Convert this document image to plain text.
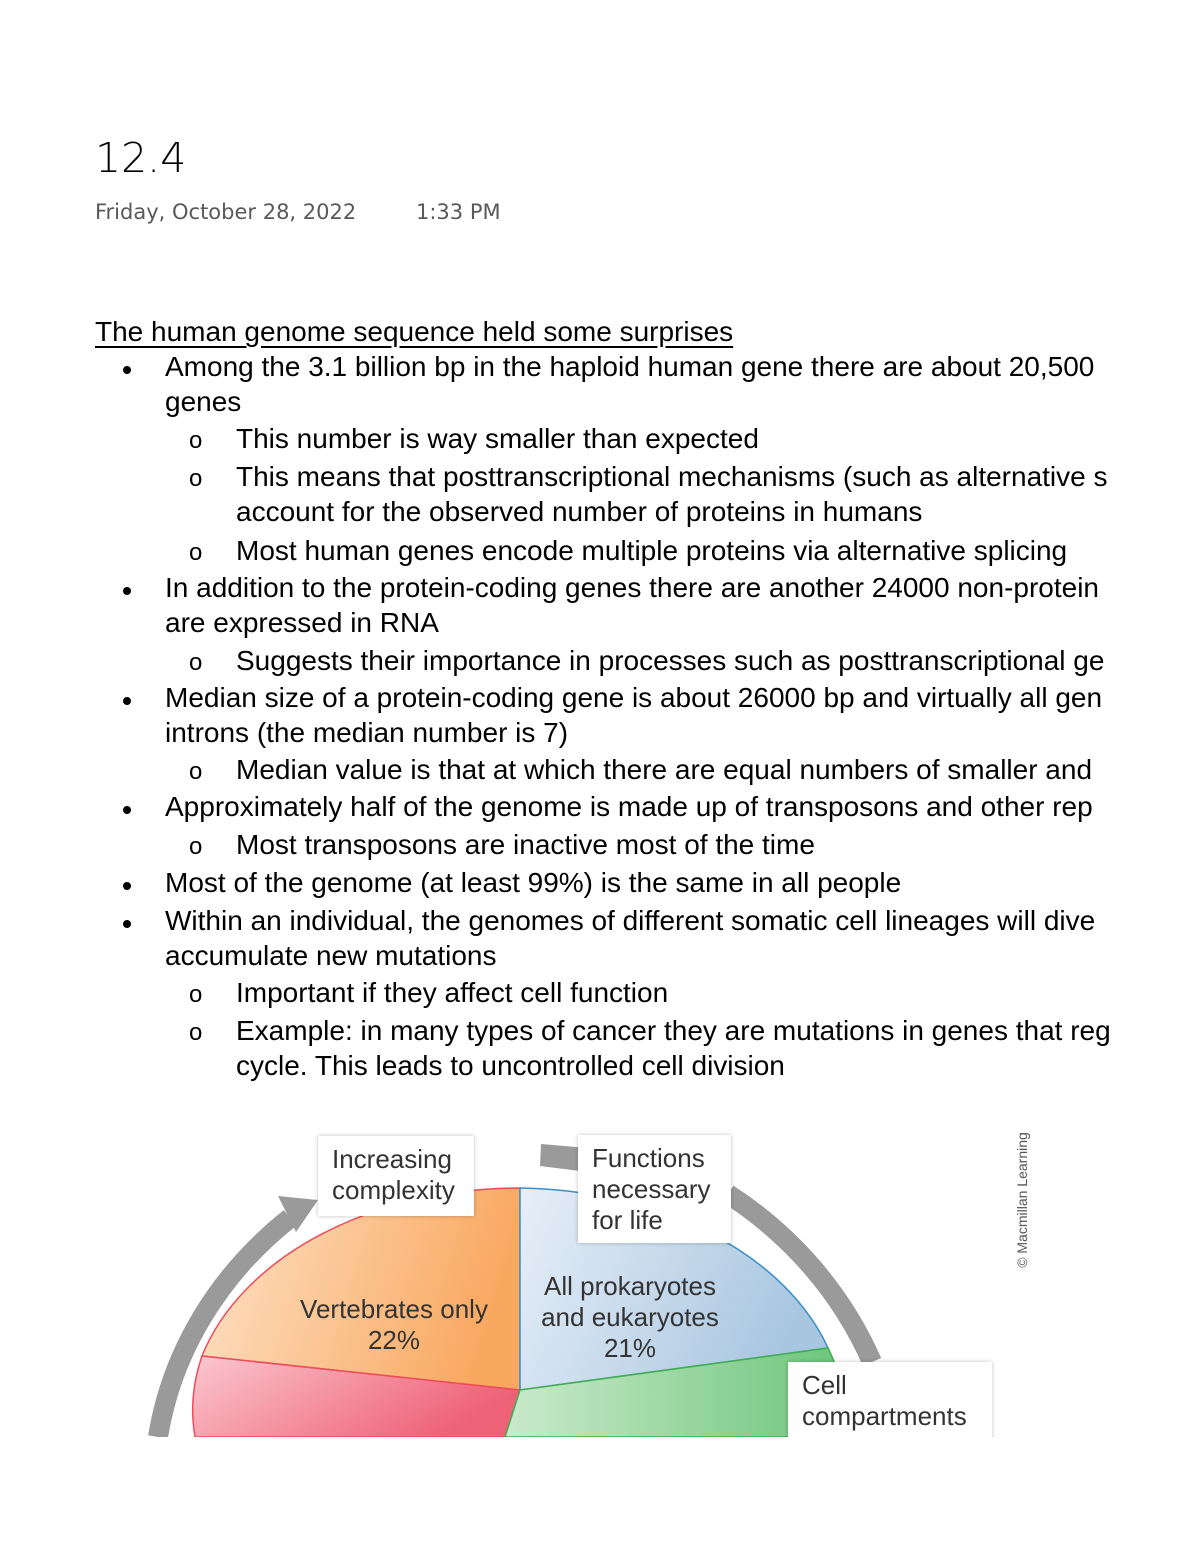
12.4
Friday, October 28, 2022	1:33 PM
The human genome sequence held some surprises
Among the 3.1 billion bp in the haploid human gene there are about 20,500
genes
o This number is way smaller than expected
o This means that posttranscriptional mechanisms (such as alternative s
account for the observed number of proteins in humans
o Most human genes encode multiple proteins via alternative splicing
In addition to the protein-coding genes there are another 24000 non-protein
are expressed in RNA
o Suggests their importance in processes such as posttranscriptional ge
Median size of a protein-coding gene is about 26000 bp and virtually all gen
introns (the median number is 7)
o Median value is that at which there are equal numbers of smaller and
Approximately half of the genome is made up of transposons and other rep
o Most transposons are inactive most of the time
Most of the genome (at least 99%) is the same in all people
Within an individual, the genomes of different somatic cell lineages will dive
accumulate new mutations
o Important if they affect cell function
o Example: in many types of cancer they are mutations in genes that reg
cycle. This leads to uncontrolled cell division
Increasing
complexity
Functions
necessary
for life
Cell
compartments
Vertebrates only
22%
All prokaryotes
and eukaryotes
21%
© Macmillan Learning
